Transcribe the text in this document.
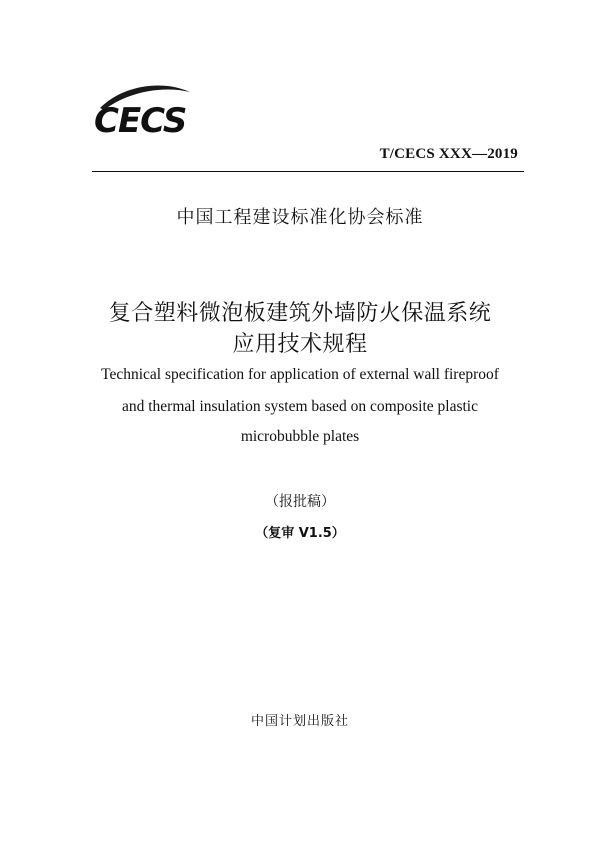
CECS
T/CECS XXX—2019
中国工程建设标准化协会标准
复合塑料微泡板建筑外墙防火保温系统
应用技术规程
Technical specification for application of external wall fireproof
and thermal insulation system based on composite plastic
microbubble plates
（报批稿）
（复审 V1.5）
中国计划出版社
